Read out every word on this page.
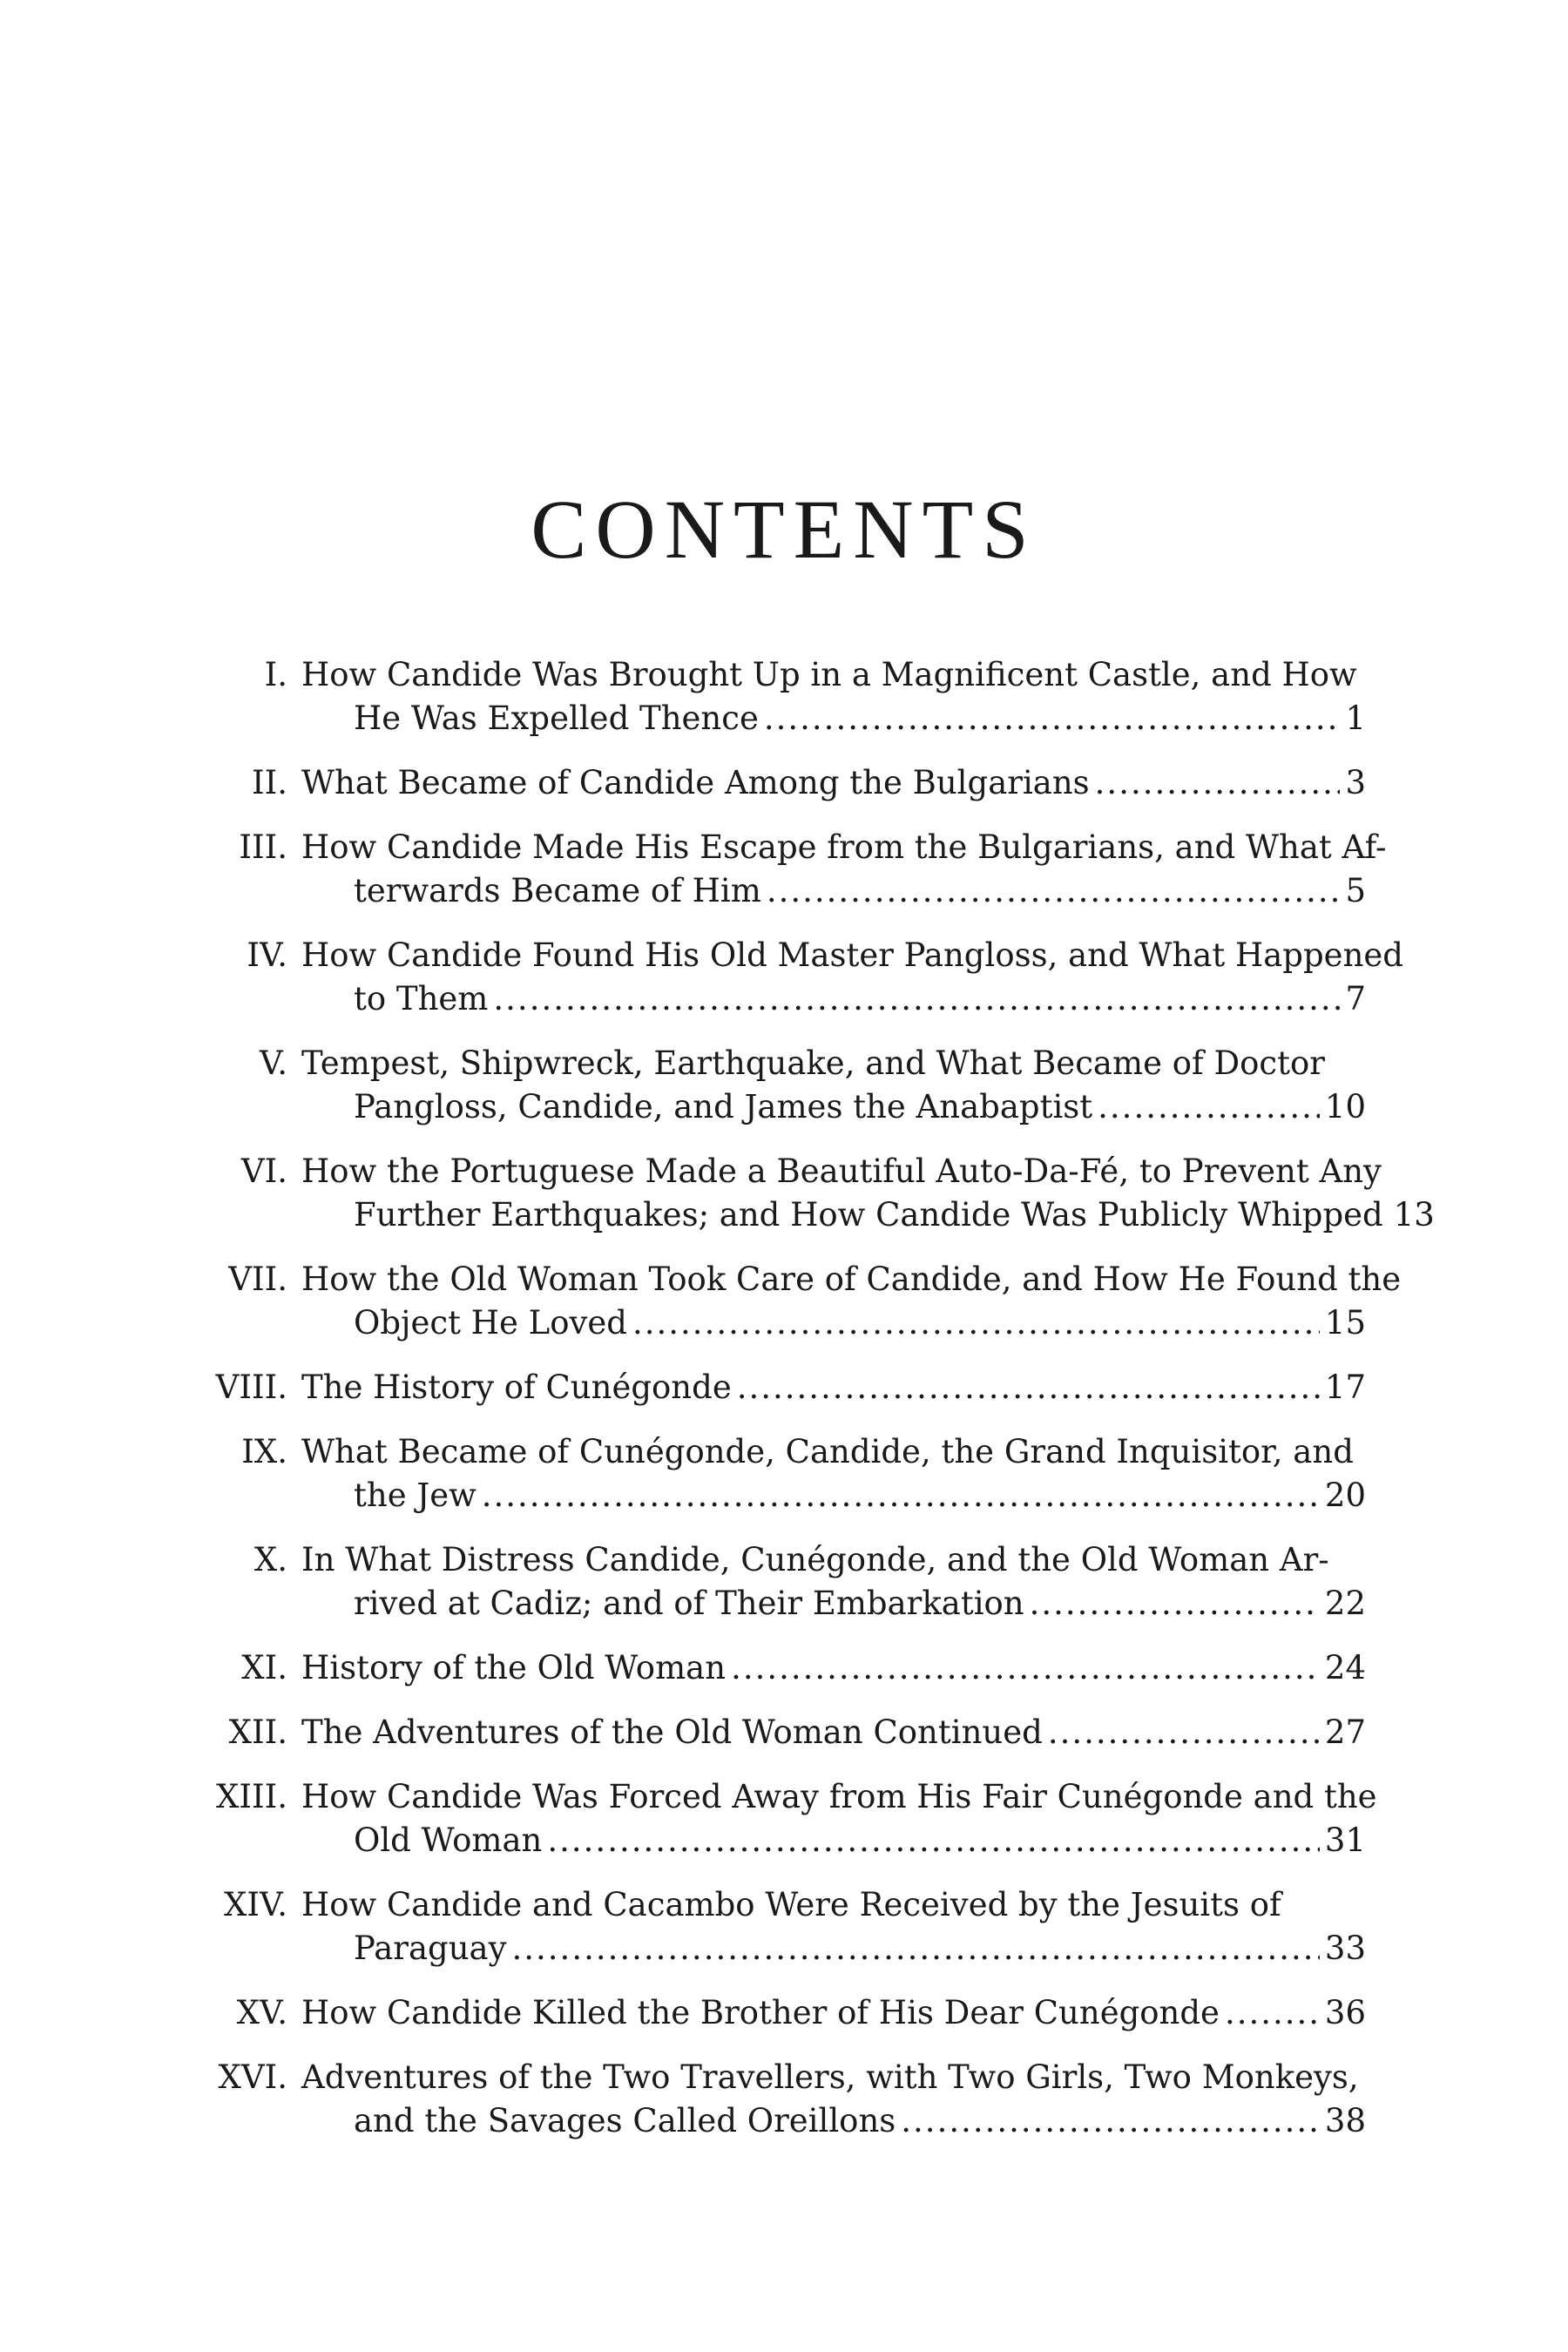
CONTENTS
I. How Candide Was Brought Up in a Magnificent Castle, and How
He Was Expelled Thence .....	1
II. What Became of Candide Among the Bulgarians .....	3
III. How Candide Made His Escape from the Bulgarians, and What Af-
terwards Became of Him .....	5
IV. How Candide Found His Old Master Pangloss, and What Happened
to Them .....	7
V. Tempest, Shipwreck, Earthquake, and What Became of Doctor
Pangloss, Candide, and James the Anabaptist .....	10
VI. How the Portuguese Made a Beautiful Auto-Da-Fé, to Prevent Any
Further Earthquakes; and How Candide Was Publicly Whipped 13
VII. How the Old Woman Took Care of Candide, and How He Found the
Object He Loved .....	15
VIII. The History of Cunégonde .....	17
IX. What Became of Cunégonde, Candide, the Grand Inquisitor, and
the Jew .....	20
X. In What Distress Candide, Cunégonde, and the Old Woman Ar-
rived at Cadiz; and of Their Embarkation .....	22
XI. History of the Old Woman .....	24
XII. The Adventures of the Old Woman Continued .....	27
XIII. How Candide Was Forced Away from His Fair Cunégonde and the
Old Woman .....	31
XIV. How Candide and Cacambo Were Received by the Jesuits of
Paraguay .....	33
XV. How Candide Killed the Brother of His Dear Cunégonde .....	36
XVI. Adventures of the Two Travellers, with Two Girls, Two Monkeys,
and the Savages Called Oreillons .....	38
